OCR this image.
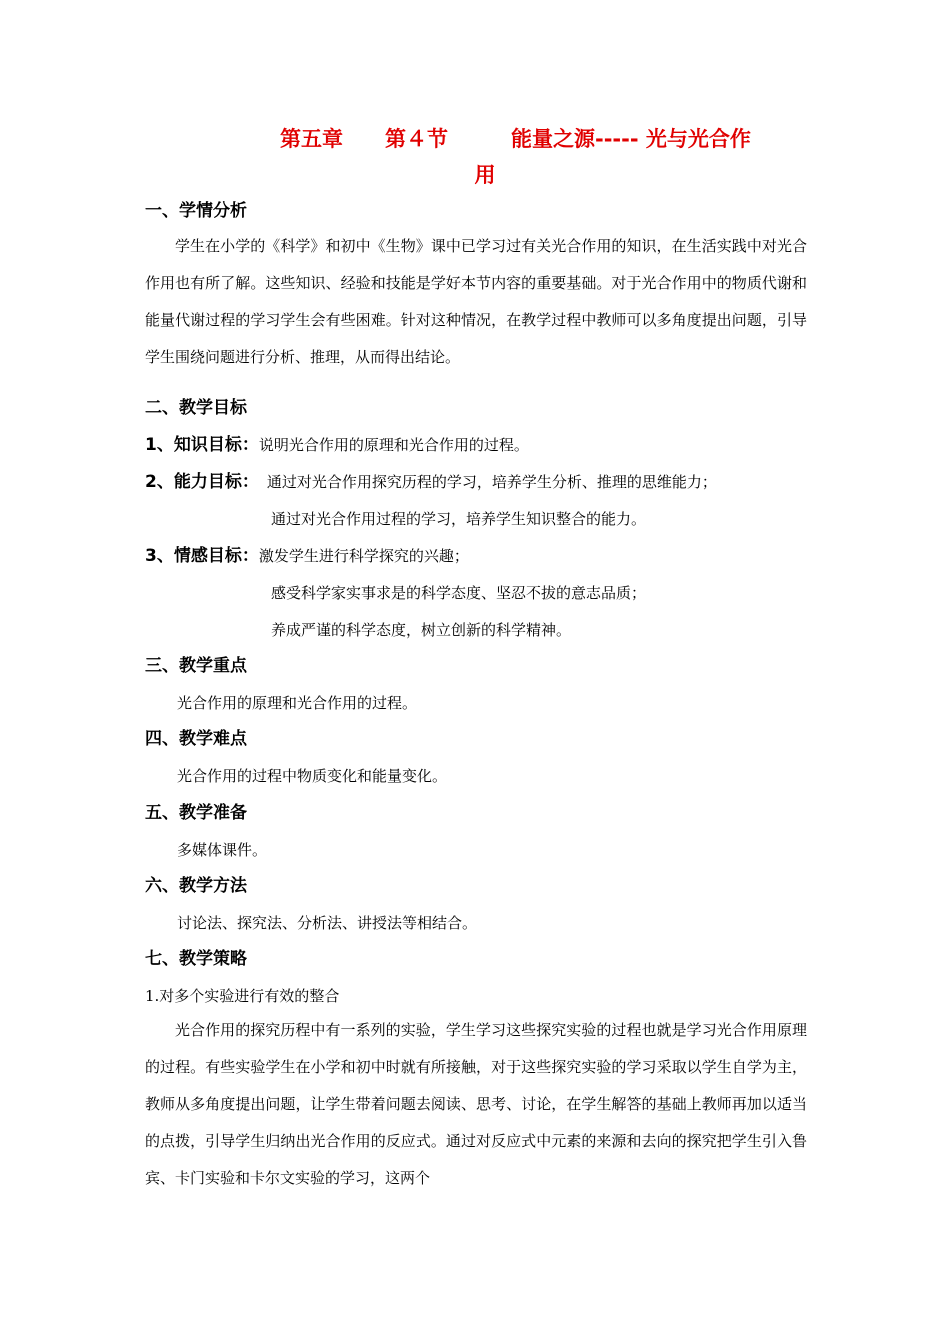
第五章　　第４节　　　能量之源----- 光与光合作
用
一、学情分析
学生在小学的《科学》和初中《生物》课中已学习过有关光合作用的知识，在生活实践中对光合作用也有所了解。这些知识、经验和技能是学好本节内容的重要基础。对于光合作用中的物质代谢和能量代谢过程的学习学生会有些困难。针对这种情况，在教学过程中教师可以多角度提出问题，引导学生围绕问题进行分析、推理，从而得出结论。
二、教学目标
1、知识目标：说明光合作用的原理和光合作用的过程。
2、能力目标： 通过对光合作用探究历程的学习，培养学生分析、推理的思维能力；
通过对光合作用过程的学习，培养学生知识整合的能力。
3、情感目标：激发学生进行科学探究的兴趣；
感受科学家实事求是的科学态度、坚忍不拔的意志品质；
养成严谨的科学态度，树立创新的科学精神。
三、教学重点
光合作用的原理和光合作用的过程。
四、教学难点
光合作用的过程中物质变化和能量变化。
五、教学准备
多媒体课件。
六、教学方法
讨论法、探究法、分析法、讲授法等相结合。
七、教学策略
1.对多个实验进行有效的整合
光合作用的探究历程中有一系列的实验，学生学习这些探究实验的过程也就是学习光合作用原理的过程。有些实验学生在小学和初中时就有所接触，对于这些探究实验的学习采取以学生自学为主，教师从多角度提出问题，让学生带着问题去阅读、思考、讨论，在学生解答的基础上教师再加以适当的点拨，引导学生归纳出光合作用的反应式。通过对反应式中元素的来源和去向的探究把学生引入鲁宾、卡门实验和卡尔文实验的学习，这两个
